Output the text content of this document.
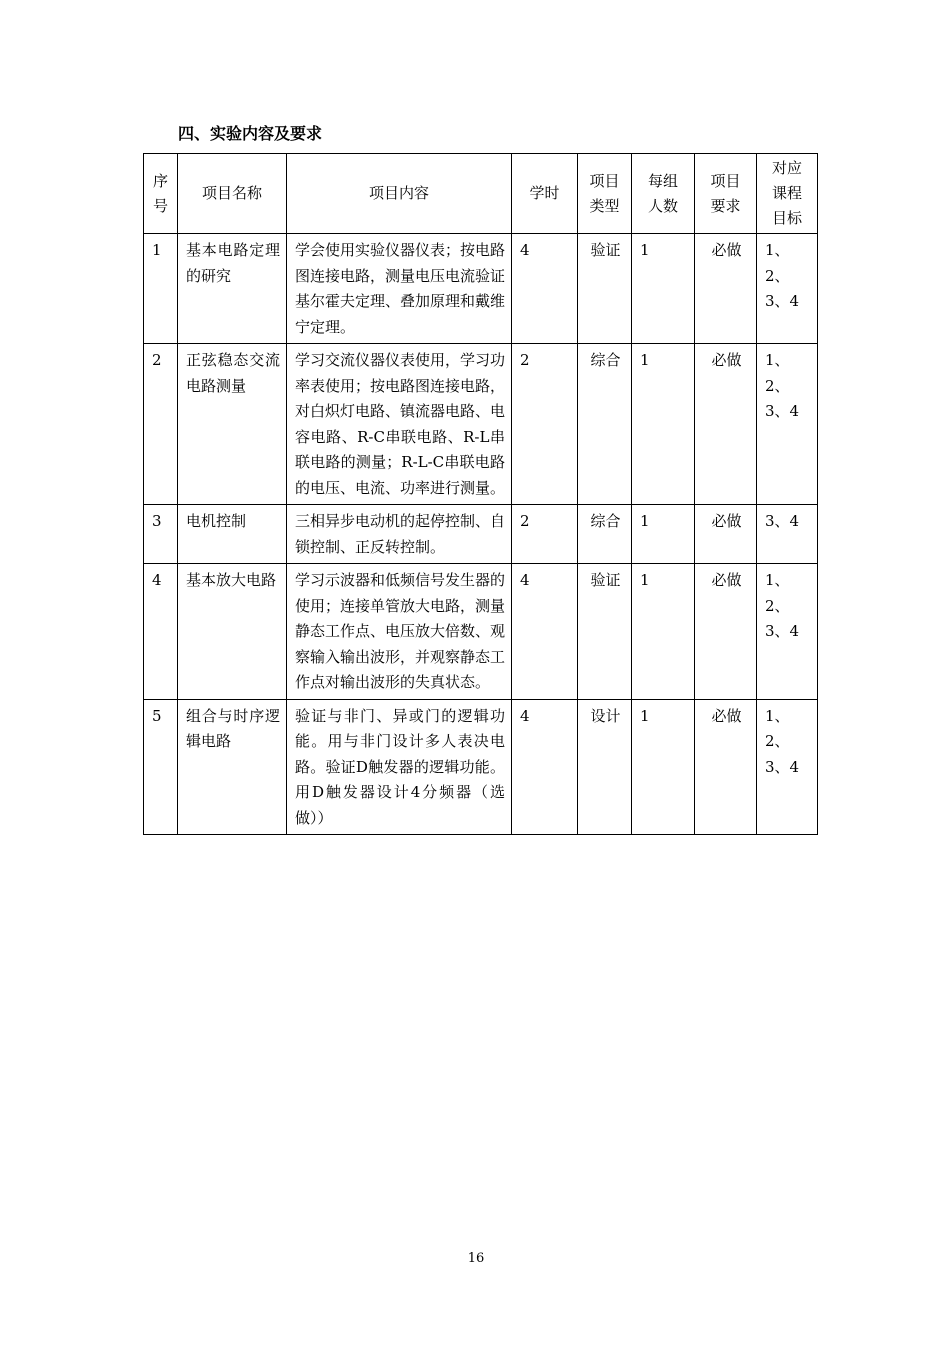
四、实验内容及要求
序号	项目名称	项目内容	学时	项目类型	每组人数	项目要求	对应课程目标
1	基本电路定理的研究	学会使用实验仪器仪表；按电路图连接电路，测量电压电流验证基尔霍夫定理、叠加原理和戴维宁定理。	4	验证	1	必做	1、2、3、4
2	正弦稳态交流电路测量	学习交流仪器仪表使用，学习功率表使用；按电路图连接电路，对白炽灯电路、镇流器电路、电容电路、R-C串联电路、R-L串联电路的测量；R-L-C串联电路的电压、电流、功率进行测量。	2	综合	1	必做	1、2、3、4
3	电机控制	三相异步电动机的起停控制、自锁控制、正反转控制。	2	综合	1	必做	3、4
4	基本放大电路	学习示波器和低频信号发生器的使用；连接单管放大电路，测量静态工作点、电压放大倍数、观察输入输出波形，并观察静态工作点对输出波形的失真状态。	4	验证	1	必做	1、2、3、4
5	组合与时序逻辑电路	验证与非门、异或门的逻辑功能。用与非门设计多人表决电路。验证D触发器的逻辑功能。用D触发器设计4分频器（选做））	4	设计	1	必做	1、2、3、4
16
